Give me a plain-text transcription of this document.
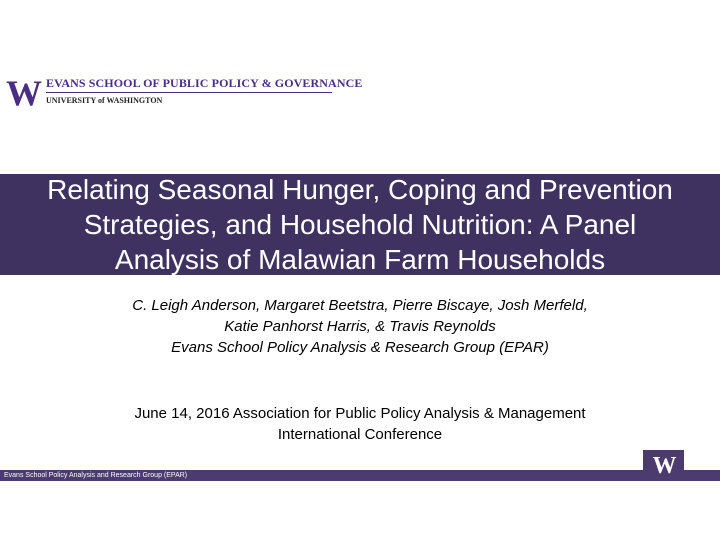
W EVANS SCHOOL OF PUBLIC POLICY & GOVERNANCE
UNIVERSITY of WASHINGTON
Relating Seasonal Hunger, Coping and Prevention
Strategies, and Household Nutrition: A Panel
Analysis of Malawian Farm Households
C. Leigh Anderson, Margaret Beetstra, Pierre Biscaye, Josh Merfeld,
Katie Panhorst Harris, & Travis Reynolds
Evans School Policy Analysis & Research Group (EPAR)
June 14, 2016 Association for Public Policy Analysis & Management
International Conference
Evans School Policy Analysis and Research Group (EPAR)	W
